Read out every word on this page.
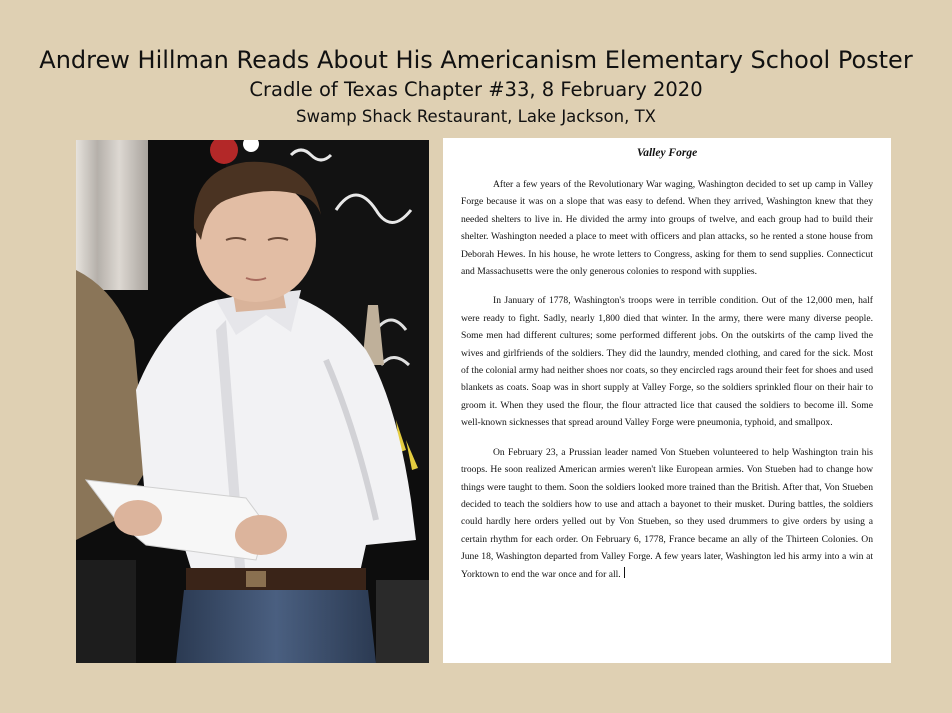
Andrew Hillman Reads About His Americanism Elementary School Poster
Cradle of Texas Chapter #33, 8 February 2020
Swamp Shack Restaurant, Lake Jackson, TX
Valley Forge

After a few years of the Revolutionary War waging, Washington decided to set up camp in Valley Forge because it was on a slope that was easy to defend. When they arrived, Washington knew that they needed shelters to live in. He divided the army into groups of twelve, and each group had to build their shelter. Washington needed a place to meet with officers and plan attacks, so he rented a stone house from Deborah Hewes. In his house, he wrote letters to Congress, asking for them to send supplies. Connecticut and Massachusetts were the only generous colonies to respond with supplies.

In January of 1778, Washington's troops were in terrible condition. Out of the 12,000 men, half were ready to fight. Sadly, nearly 1,800 died that winter. In the army, there were many diverse people. Some men had different cultures; some performed different jobs. On the outskirts of the camp lived the wives and girlfriends of the soldiers. They did the laundry, mended clothing, and cared for the sick. Most of the colonial army had neither shoes nor coats, so they encircled rags around their feet for shoes and used blankets as coats. Soap was in short supply at Valley Forge, so the soldiers sprinkled flour on their hair to groom it. When they used the flour, the flour attracted lice that caused the soldiers to become ill. Some well-known sicknesses that spread around Valley Forge were pneumonia, typhoid, and smallpox.

On February 23, a Prussian leader named Von Stueben volunteered to help Washington train his troops. He soon realized American armies weren't like European armies. Von Stueben had to change how things were taught to them. Soon the soldiers looked more trained than the British. After that, Von Stueben decided to teach the soldiers how to use and attach a bayonet to their musket. During battles, the soldiers could hardly here orders yelled out by Von Stueben, so they used drummers to give orders by using a certain rhythm for each order. On February 6, 1778, France became an ally of the Thirteen Colonies. On June 18, Washington departed from Valley Forge. A few years later, Washington led his army into a win at Yorktown to end the war once and for all.
